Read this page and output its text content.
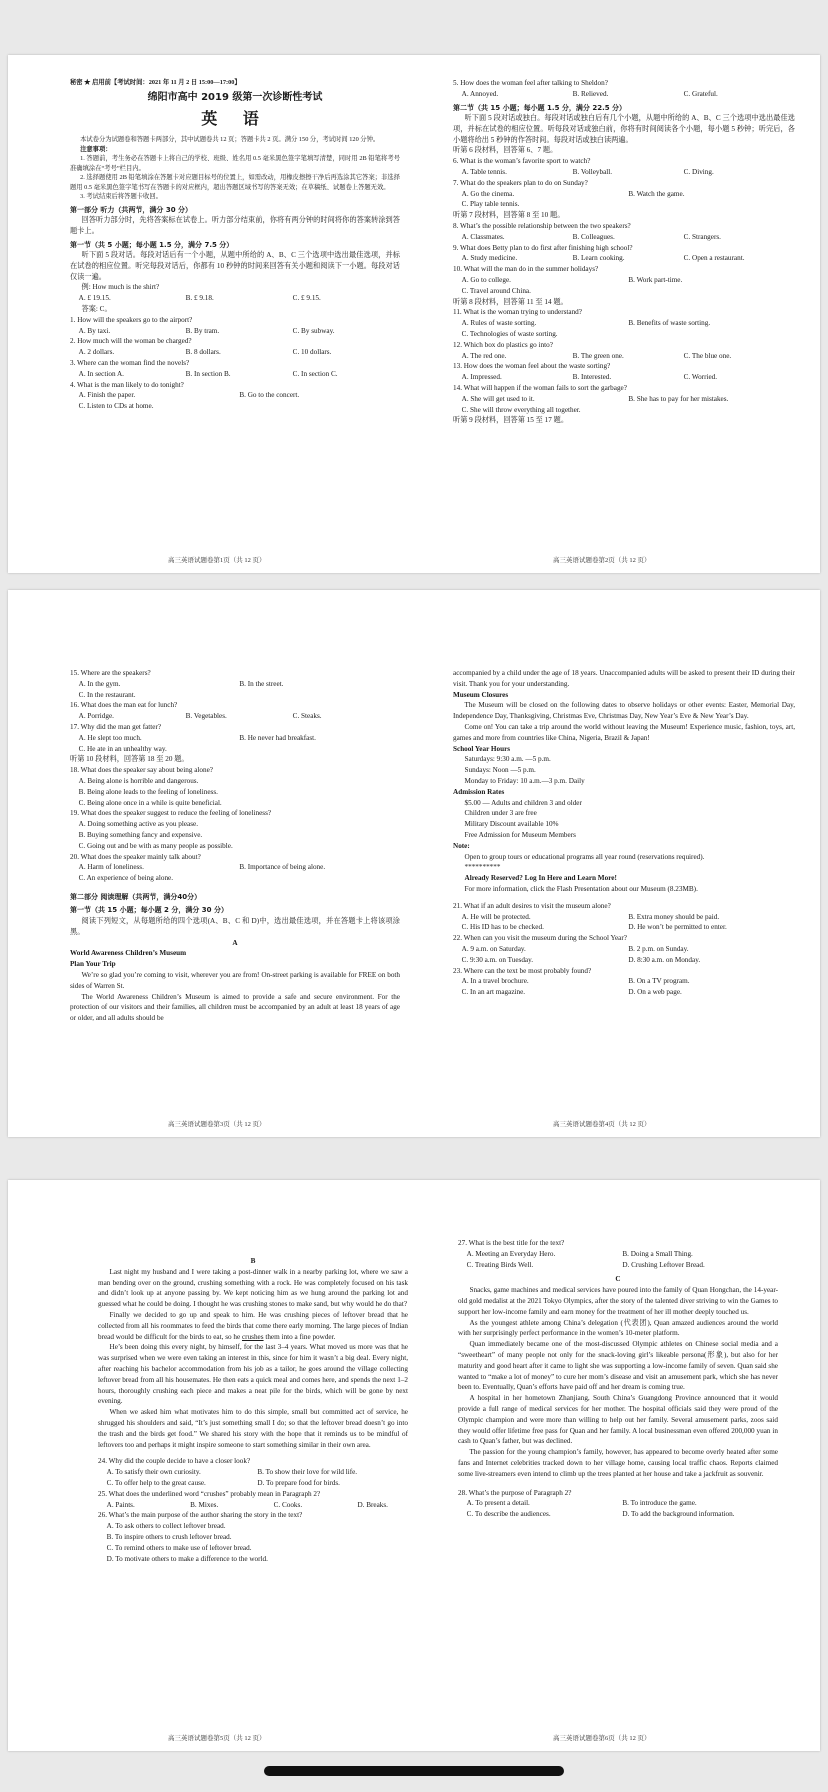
秘密 ★ 启用前【考试时间：2021 年 11 月 2 日 15:00—17:00】
绵阳市高中 2019 级第一次诊断性考试
英 语
本试卷分为试题卷和答题卡两部分，其中试题卷共 12 页；答题卡共 2 页。满分 150 分，考试时间 120 分钟。
注意事项：
1. 答题前，考生务必在答题卡上将自己的学校、班级、姓名用 0.5 毫米黑色签字笔填写清楚，同时用 2B 铅笔将考号准确填涂在“考号”栏目内。
2. 选择题使用 2B 铅笔填涂在答题卡对应题目标号的位置上，如需改动，用橡皮擦擦干净后再选涂其它答案；非选择题用 0.5 毫米黑色签字笔书写在答题卡的对应框内，超出答题区域书写的答案无效；在草稿纸、试题卷上答题无效。
3. 考试结束后将答题卡收回。
第一部分 听力（共两节，满分 30 分）
回答听力部分时，先将答案标在试卷上。听力部分结束前，你将有两分钟的时间将你的答案转涂到答题卡上。
第一节（共 5 小题；每小题 1.5 分，满分 7.5 分）
听下面 5 段对话。每段对话后有一个小题，从题中所给的 A、B、C 三个选项中选出最佳选项，并标在试卷的相应位置。听完每段对话后，你都有 10 秒钟的时间来回答有关小题和阅读下一小题。每段对话仅读一遍。
例: How much is the shirt?
A. £ 19.15.	B. £ 9.18.	C. £ 9.15.
答案: C。
1. How will the speakers go to the airport?
A. By taxi.	B. By tram.	C. By subway.
2. How much will the woman be charged?
A. 2 dollars.	B. 8 dollars.	C. 10 dollars.
3. Where can the woman find the novels?
A. In section A.	B. In section B.	C. In section C.
4. What is the man likely to do tonight?
A. Finish the paper.	B. Go to the concert.
C. Listen to CDs at home.
5. How does the woman feel after talking to Sheldon?
A. Annoyed.	B. Relieved.	C. Grateful.
第二节（共 15 小题；每小题 1.5 分，满分 22.5 分）
听下面 5 段对话或独白。每段对话或独白后有几个小题，从题中所给的 A、B、C 三个选项中选出最佳选项，并标在试卷的相应位置。听每段对话或独白前，你将有时间阅读各个小题，每小题 5 秒钟；听完后，各小题将给出 5 秒钟的作答时间。每段对话或独白读两遍。
听第 6 段材料，回答第 6、7 题。
6. What is the woman’s favorite sport to watch?
A. Table tennis.	B. Volleyball.	C. Diving.
7. What do the speakers plan to do on Sunday?
A. Go the cinema.	B. Watch the game.
C. Play table tennis.
听第 7 段材料，回答第 8 至 10 题。
8. What’s the possible relationship between the two speakers?
A. Classmates.	B. Colleagues.	C. Strangers.
9. What does Betty plan to do first after finishing high school?
A. Study medicine.	B. Learn cooking.	C. Open a restaurant.
10. What will the man do in the summer holidays?
A. Go to college.	B. Work part-time.
C. Travel around China.
听第 8 段材料，回答第 11 至 14 题。
11. What is the woman trying to understand?
A. Rules of waste sorting.	B. Benefits of waste sorting.
C. Technologies of waste sorting.
12. Which box do plastics go into?
A. The red one.	B. The green one.	C. The blue one.
13. How does the woman feel about the waste sorting?
A. Impressed.	B. Interested.	C. Worried.
14. What will happen if the woman fails to sort the garbage?
A. She will get used to it.	B. She has to pay for her mistakes.
C. She will throw everything all together.
听第 9 段材料，回答第 15 至 17 题。
高三英语试题卷第1页（共 12 页）	高三英语试题卷第2页（共 12 页）
15. Where are the speakers?
A. In the gym.	B. In the street.
C. In the restaurant.
16. What does the man eat for lunch?
A. Porridge.	B. Vegetables.	C. Steaks.
17. Why did the man get fatter?
A. He slept too much.	B. He never had breakfast.
C. He ate in an unhealthy way.
听第 10 段材料，回答第 18 至 20 题。
18. What does the speaker say about being alone?
A. Being alone is horrible and dangerous.
B. Being alone leads to the feeling of loneliness.
C. Being alone once in a while is quite beneficial.
19. What does the speaker suggest to reduce the feeling of loneliness?
A. Doing something active as you please.
B. Buying something fancy and expensive.
C. Going out and be with as many people as possible.
20. What does the speaker mainly talk about?
A. Harm of loneliness.	B. Importance of being alone.
C. An experience of being alone.
第二部分 阅读理解（共两节，满分40分）
第一节（共 15 小题；每小题 2 分，满分 30 分）
阅读下列短文，从每题所给的四个选项(A、B、C 和 D)中，选出最佳选项，并在答题卡上将该项涂黑。
A
World Awareness Children’s Museum
Plan Your Trip
We’re so glad you’re coming to visit, wherever you are from! On-street parking is available for FREE on both sides of Warren St.
The World Awareness Children’s Museum is aimed to provide a safe and secure environment. For the protection of our visitors and their families, all children must be accompanied by an adult at least 18 years of age or older, and all adults should be
accompanied by a child under the age of 18 years. Unaccompanied adults will be asked to present their ID during their visit. Thank you for your understanding.
Museum Closures
The Museum will be closed on the following dates to observe holidays or other events: Easter, Memorial Day, Independence Day, Thanksgiving, Christmas Eve, Christmas Day, New Year’s Eve & New Year’s Day.
Come on! You can take a trip around the world without leaving the Museum! Experience music, fashion, toys, art, games and more from countries like China, Nigeria, Brazil & Japan!
School Year Hours
Saturdays: 9:30 a.m. —5 p.m.
Sundays: Noon —5 p.m.
Monday to Friday: 10 a.m.—3 p.m. Daily
Admission Rates
$5.00 — Adults and children 3 and older
Children under 3 are free
Military Discount available 10%
Free Admission for Museum Members
Note:
Open to group tours or educational programs all year round (reservations required).
**********
Already Reserved? Log In Here and Learn More!
For more information, click the Flash Presentation about our Museum (8.23MB).
21. What if an adult desires to visit the museum alone?
A. He will be protected.	B. Extra money should be paid.
C. His ID has to be checked.	D. He won’t be permitted to enter.
22. When can you visit the museum during the School Year?
A. 9 a.m. on Saturday.	B. 2 p.m. on Sunday.
C. 9:30 a.m. on Tuesday.	D. 8:30 a.m. on Monday.
23. Where can the text be most probably found?
A. In a travel brochure.	B. On a TV program.
C. In an art magazine.	D. On a web page.
高三英语试题卷第3页（共 12 页）	高三英语试题卷第4页（共 12 页）
B
Last night my husband and I were taking a post-dinner walk in a nearby parking lot, where we saw a man bending over on the ground, crushing something with a rock. He was completely focused on his task and didn’t look up at anyone passing by. We kept noticing him as we hung around the parking lot and guessed what he could be doing. I thought he was crushing stones to make sand, but why would he do that?
Finally we decided to go up and speak to him. He was crushing pieces of leftover bread that he collected from all his roommates to feed the birds that come there early morning. The large pieces of Indian bread would be difficult for the birds to eat, so he crushes them into a fine powder.
He’s been doing this every night, by himself, for the last 3–4 years. What moved us more was that he was surprised when we were even taking an interest in this, since for him it wasn’t a big deal. Every night, after reaching his bachelor accommodation from his job as a tailor, he goes around the village collecting leftover bread from all his housemates. He then eats a quick meal and comes here, and spends the next 1–2 hours, thoroughly crushing each piece and makes a neat pile for the birds, which will be gone by next evening.
When we asked him what motivates him to do this simple, small but committed act of service, he shrugged his shoulders and said, “It’s just something small I do; so that the leftover bread doesn’t go into the trash and the birds get food.” We shared his story with the hope that it reminds us to be mindful of leftovers too and perhaps it might inspire someone to start something similar in their own area.
24. Why did the couple decide to have a closer look?
A. To satisfy their own curiosity.	B. To show their love for wild life.
C. To offer help to the great cause.	D. To prepare food for birds.
25. What does the underlined word “crushes” probably mean in Paragraph 2?
A. Paints.	B. Mixes.	C. Cooks.	D. Breaks.
26. What’s the main purpose of the author sharing the story in the text?
A. To ask others to collect leftover bread.
B. To inspire others to crush leftover bread.
C. To remind others to make use of leftover bread.
D. To motivate others to make a difference to the world.
27. What is the best title for the text?
A. Meeting an Everyday Hero.	B. Doing a Small Thing.
C. Treating Birds Well.	D. Crushing Leftover Bread.
C
Snacks, game machines and medical services have poured into the family of Quan Hongchan, the 14-year-old gold medalist at the 2021 Tokyo Olympics, after the story of the talented diver striving to win the Games to support her low-income family and earn money for the treatment of her ill mother deeply touched us.
As the youngest athlete among China’s delegation (代表团), Quan amazed audiences around the world with her surprisingly perfect performance in the women’s 10-meter platform.
Quan immediately became one of the most-discussed Olympic athletes on Chinese social media and a “sweetheart” of many people not only for the snack-loving girl’s likeable persona(形象), but also for her maturity and good heart after it came to light she was supporting a low-income family of seven. Quan said she wanted to “make a lot of money” to cure her mom’s disease and visit an amusement park, which she has never been to. Eventually, Quan’s efforts have paid off and her dream is coming true.
A hospital in her hometown Zhanjiang, South China’s Guangdong Province announced that it would provide a full range of medical services for her mother. The hospital officials said they were proud of the Olympic champion and were more than willing to help out her family. Several amusement parks, zoos said they would offer lifetime free pass for Quan and her family. A local businessman even offered 200,000 yuan in cash to Quan’s father, but was declined.
The passion for the young champion’s family, however, has appeared to become overly heated after some fans and Internet celebrities tracked down to her village home, causing local traffic chaos. Reports claimed some live-streamers even intend to climb up the trees planted at her house and take a jackfruit as souvenir.
28. What’s the purpose of Paragraph 2?
A. To present a detail.	B. To introduce the game.
C. To describe the audiences.	D. To add the background information.
高三英语试题卷第5页（共 12 页）	高三英语试题卷第6页（共 12 页）
